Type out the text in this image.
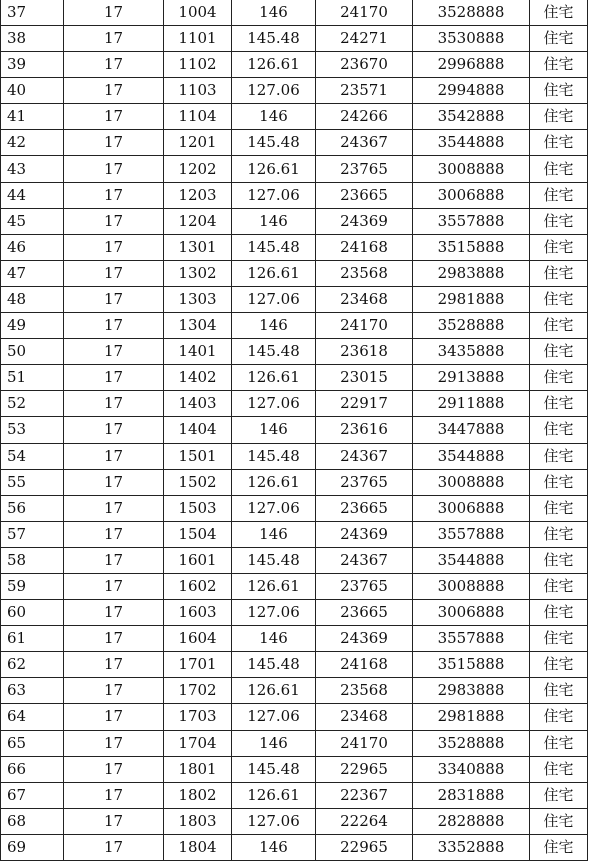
37	17	1004	146	24170	3528888	住宅
38	17	1101	145.48	24271	3530888	住宅
39	17	1102	126.61	23670	2996888	住宅
40	17	1103	127.06	23571	2994888	住宅
41	17	1104	146	24266	3542888	住宅
42	17	1201	145.48	24367	3544888	住宅
43	17	1202	126.61	23765	3008888	住宅
44	17	1203	127.06	23665	3006888	住宅
45	17	1204	146	24369	3557888	住宅
46	17	1301	145.48	24168	3515888	住宅
47	17	1302	126.61	23568	2983888	住宅
48	17	1303	127.06	23468	2981888	住宅
49	17	1304	146	24170	3528888	住宅
50	17	1401	145.48	23618	3435888	住宅
51	17	1402	126.61	23015	2913888	住宅
52	17	1403	127.06	22917	2911888	住宅
53	17	1404	146	23616	3447888	住宅
54	17	1501	145.48	24367	3544888	住宅
55	17	1502	126.61	23765	3008888	住宅
56	17	1503	127.06	23665	3006888	住宅
57	17	1504	146	24369	3557888	住宅
58	17	1601	145.48	24367	3544888	住宅
59	17	1602	126.61	23765	3008888	住宅
60	17	1603	127.06	23665	3006888	住宅
61	17	1604	146	24369	3557888	住宅
62	17	1701	145.48	24168	3515888	住宅
63	17	1702	126.61	23568	2983888	住宅
64	17	1703	127.06	23468	2981888	住宅
65	17	1704	146	24170	3528888	住宅
66	17	1801	145.48	22965	3340888	住宅
67	17	1802	126.61	22367	2831888	住宅
68	17	1803	127.06	22264	2828888	住宅
69	17	1804	146	22965	3352888	住宅
